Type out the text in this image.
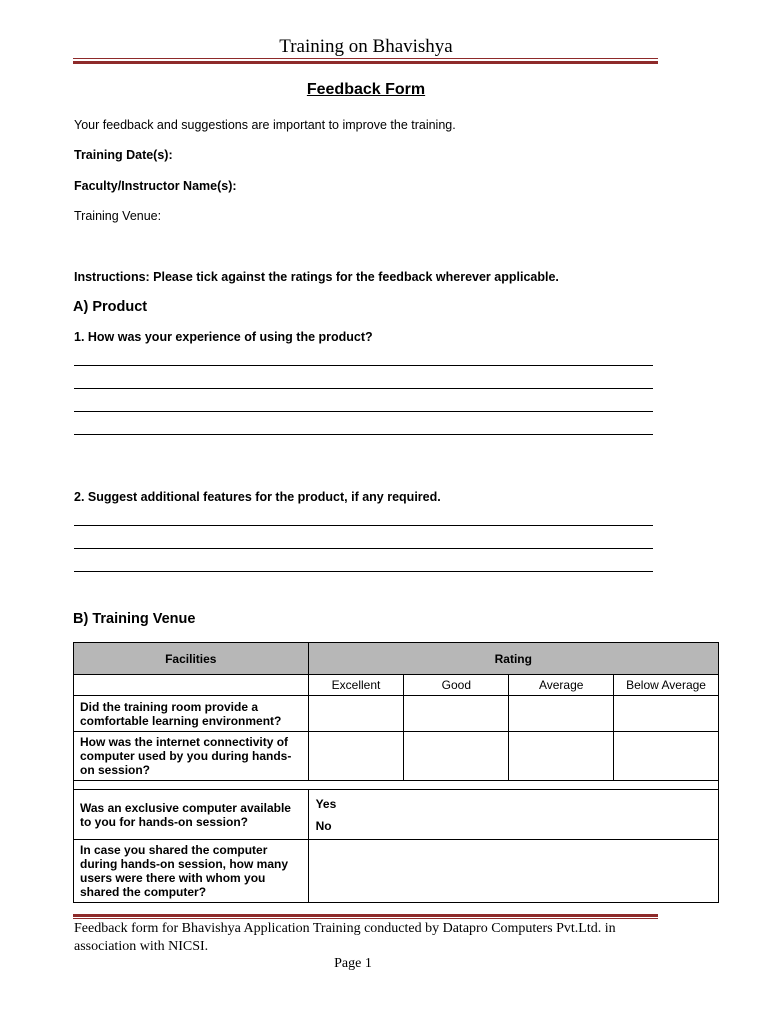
Training on Bhavishya
Feedback Form
Your feedback and suggestions are important to improve the training.
Training Date(s):
Faculty/Instructor Name(s):
Training Venue:
Instructions: Please tick against the ratings for the feedback wherever applicable.
A) Product
1. How was your experience of using the product?
2. Suggest additional features for the product, if any required.
B) Training Venue
Facilities	Rating			
	Excellent	Good	Average	Below Average
Did the training room provide a comfortable learning environment?				
How was the internet connectivity of computer used by you during hands-on session?				

Was an exclusive computer available to you for hands-on session?	Yes
No			

In case you shared the computer during hands-on session, how many users were there with whom you shared the computer?				
Feedback form for Bhavishya Application Training conducted by Datapro Computers Pvt.Ltd. in association with NICSI.
Page 1
